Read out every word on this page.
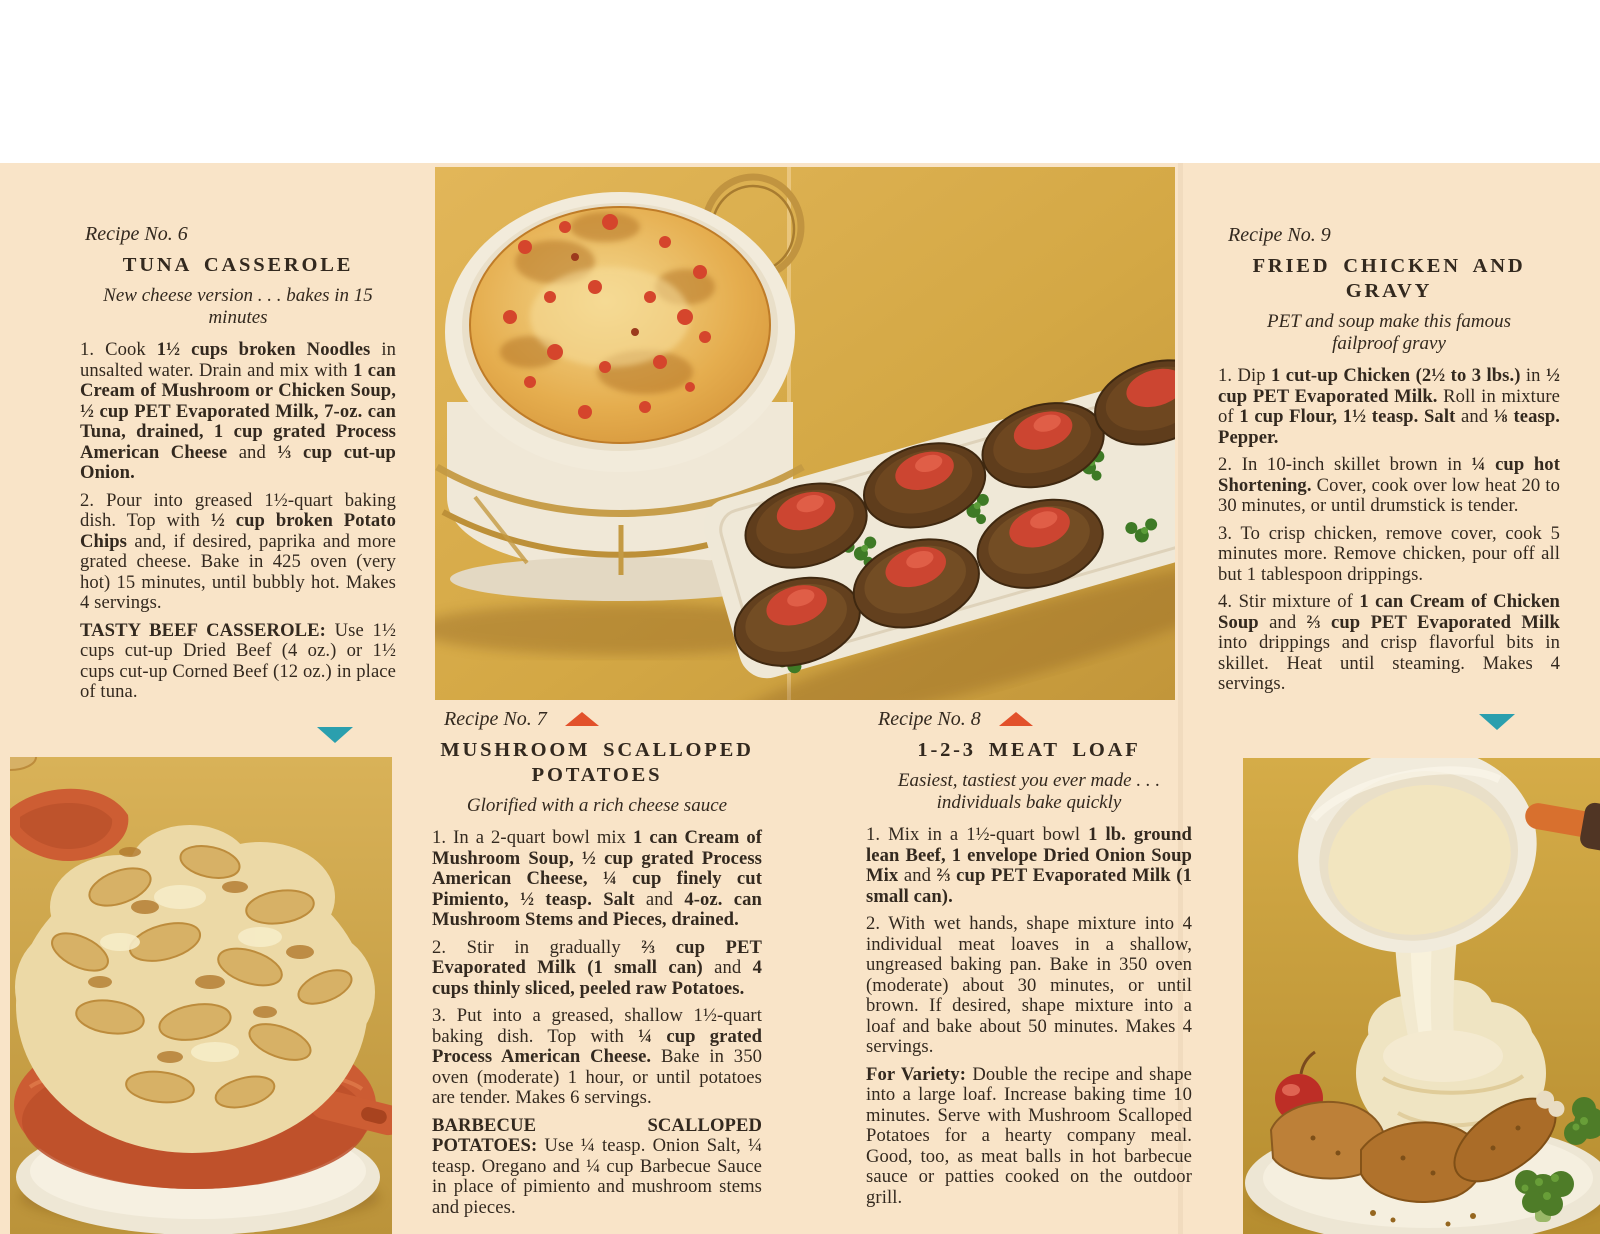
Recipe No. 6
TUNA CASSEROLE
New cheese version . . . bakes in 15 minutes

1. Cook 1½ cups broken Noodles in unsalted water. Drain and mix with 1 can Cream of Mushroom or Chicken Soup, ½ cup PET Evaporated Milk, 7-oz. can Tuna, drained, 1 cup grated Process American Cheese and ⅓ cup cut-up Onion.

2. Pour into greased 1½-quart baking dish. Top with ½ cup broken Potato Chips and, if desired, paprika and more grated cheese. Bake in 425 oven (very hot) 15 minutes, until bubbly hot. Makes 4 servings.

TASTY BEEF CASSEROLE: Use 1½ cups cut-up Dried Beef (4 oz.) or 1½ cups cut-up Corned Beef (12 oz.) in place of tuna.

Recipe No. 7
MUSHROOM SCALLOPED POTATOES
Glorified with a rich cheese sauce

1. In a 2-quart bowl mix 1 can Cream of Mushroom Soup, ½ cup grated Process American Cheese, ¼ cup finely cut Pimiento, ½ teasp. Salt and 4-oz. can Mushroom Stems and Pieces, drained.

2. Stir in gradually ⅔ cup PET Evaporated Milk (1 small can) and 4 cups thinly sliced, peeled raw Potatoes.

3. Put into a greased, shallow 1½-quart baking dish. Top with ¼ cup grated Process American Cheese. Bake in 350 oven (moderate) 1 hour, or until potatoes are tender. Makes 6 servings.

BARBECUE SCALLOPED POTATOES: Use ¼ teasp. Onion Salt, ¼ teasp. Oregano and ¼ cup Barbecue Sauce in place of pimiento and mushroom stems and pieces.

Recipe No. 8
1-2-3 MEAT LOAF
Easiest, tastiest you ever made . . . individuals bake quickly

1. Mix in a 1½-quart bowl 1 lb. ground lean Beef, 1 envelope Dried Onion Soup Mix and ⅔ cup PET Evaporated Milk (1 small can).

2. With wet hands, shape mixture into 4 individual meat loaves in a shallow, ungreased baking pan. Bake in 350 oven (moderate) about 30 minutes, or until brown. If desired, shape mixture into a loaf and bake about 50 minutes. Makes 4 servings.

For Variety: Double the recipe and shape into a large loaf. Increase baking time 10 minutes. Serve with Mushroom Scalloped Potatoes for a hearty company meal. Good, too, as meat balls in hot barbecue sauce or patties cooked on the outdoor grill.

Recipe No. 9
FRIED CHICKEN AND GRAVY
PET and soup make this famous failproof gravy

1. Dip 1 cut-up Chicken (2½ to 3 lbs.) in ½ cup PET Evaporated Milk. Roll in mixture of 1 cup Flour, 1½ teasp. Salt and ⅛ teasp. Pepper.

2. In 10-inch skillet brown in ¼ cup hot Shortening. Cover, cook over low heat 20 to 30 minutes, or until drumstick is tender.

3. To crisp chicken, remove cover, cook 5 minutes more. Remove chicken, pour off all but 1 tablespoon drippings.

4. Stir mixture of 1 can Cream of Chicken Soup and ⅔ cup PET Evaporated Milk into drippings and crisp flavorful bits in skillet. Heat until steaming. Makes 4 servings.
